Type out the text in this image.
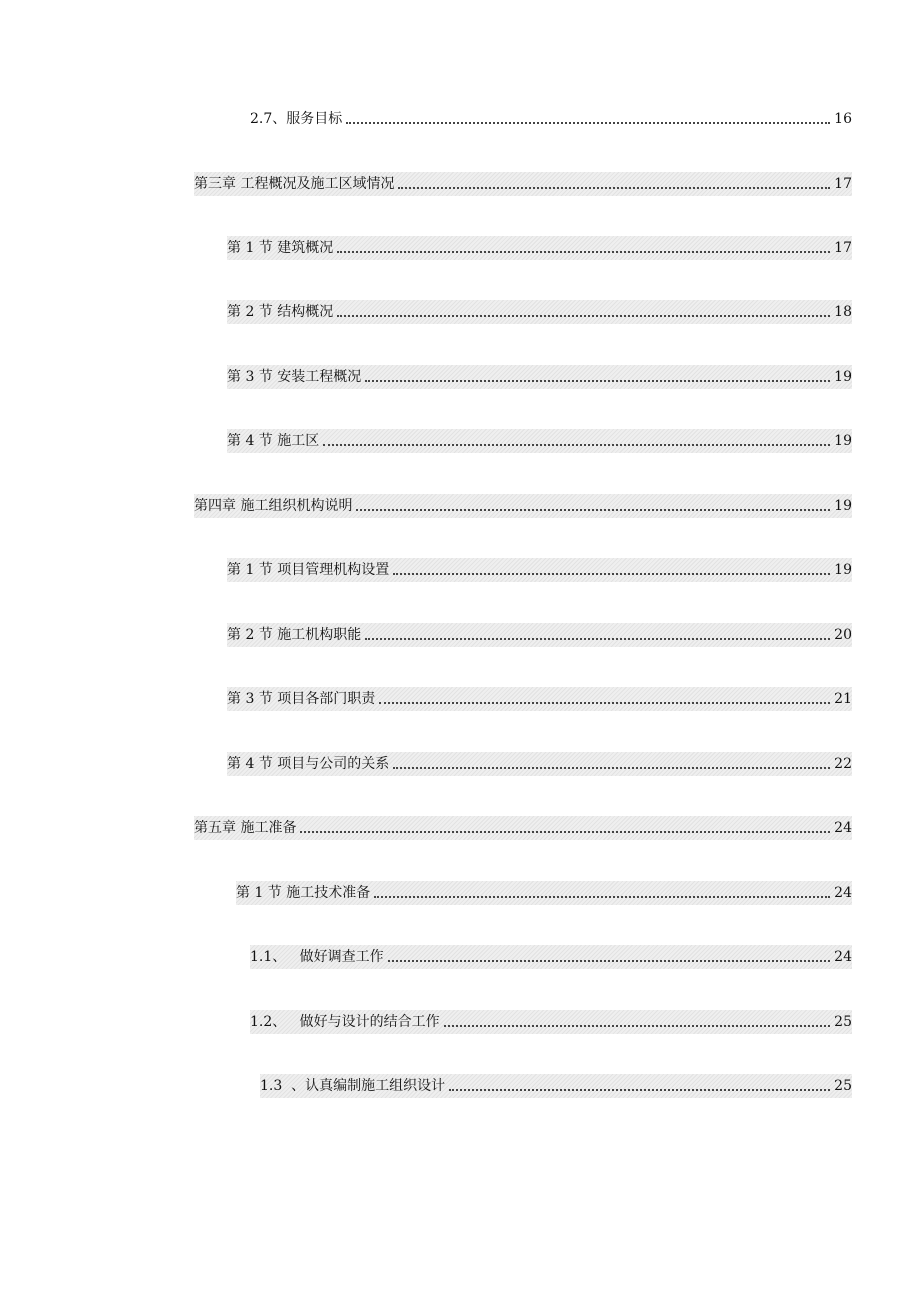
2.7、服务目标	16
第三章 工程概况及施工区域情况	17
第 1 节 建筑概况	17
第 2 节 结构概况	18
第 3 节 安装工程概况	19
第 4 节 施工区	19
第四章 施工组织机构说明	19
第 1 节 项目管理机构设置	19
第 2 节 施工机构职能	20
第 3 节 项目各部门职责	21
第 4 节 项目与公司的关系	22
第五章 施工准备	24
第 1 节 施工技术准备	24
1.1、   做好调查工作	24
1.2、   做好与设计的结合工作	25
1.3  、认真编制施工组织设计	25
